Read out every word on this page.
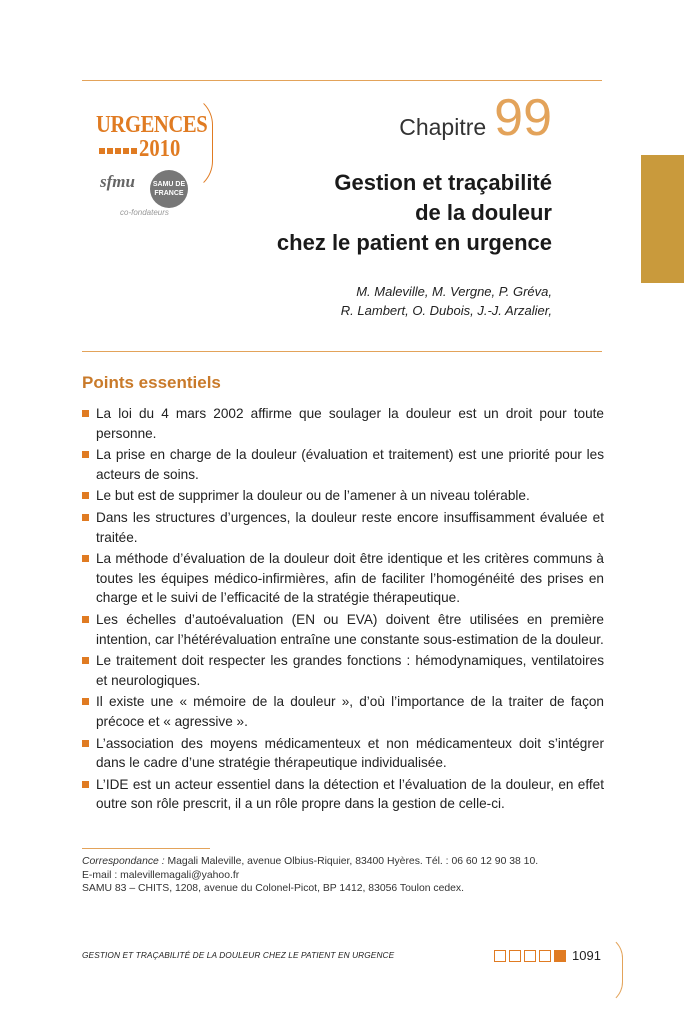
URGENCES
2010
sfmu	SAMU DE FRANCE
co-fondateurs
Chapitre 99
Gestion et traçabilité
de la douleur
chez le patient en urgence
M. Maleville, M. Vergne, P. Gréva,
R. Lambert, O. Dubois, J.-J. Arzalier,
Points essentiels
La loi du 4 mars 2002 affirme que soulager la douleur est un droit pour toute personne.
La prise en charge de la douleur (évaluation et traitement) est une priorité pour les acteurs de soins.
Le but est de supprimer la douleur ou de l’amener à un niveau tolérable.
Dans les structures d’urgences, la douleur reste encore insuffisamment évaluée et traitée.
La méthode d’évaluation de la douleur doit être identique et les critères communs à toutes les équipes médico-infirmières, afin de faciliter l’homogénéité des prises en charge et le suivi de l’efficacité de la stratégie thérapeutique.
Les échelles d’autoévaluation (EN ou EVA) doivent être utilisées en première intention, car l’hétérévaluation entraîne une constante sous-estimation de la douleur.
Le traitement doit respecter les grandes fonctions : hémodynamiques, ventilatoires et neurologiques.
Il existe une « mémoire de la douleur », d’où l’importance de la traiter de façon précoce et « agressive ».
L’association des moyens médicamenteux et non médicamenteux doit s’intégrer dans le cadre d’une stratégie thérapeutique individualisée.
L’IDE est un acteur essentiel dans la détection et l’évaluation de la douleur, en effet outre son rôle prescrit, il a un rôle propre dans la gestion de celle-ci.
Correspondance : Magali Maleville, avenue Olbius-Riquier, 83400 Hyères. Tél. : 06 60 12 90 38 10.
E-mail : malevillemagali@yahoo.fr
SAMU 83 – CHITS, 1208, avenue du Colonel-Picot, BP 1412, 83056 Toulon cedex.
GESTION ET TRAÇABILITÉ DE LA DOULEUR CHEZ LE PATIENT EN URGENCE	1091
